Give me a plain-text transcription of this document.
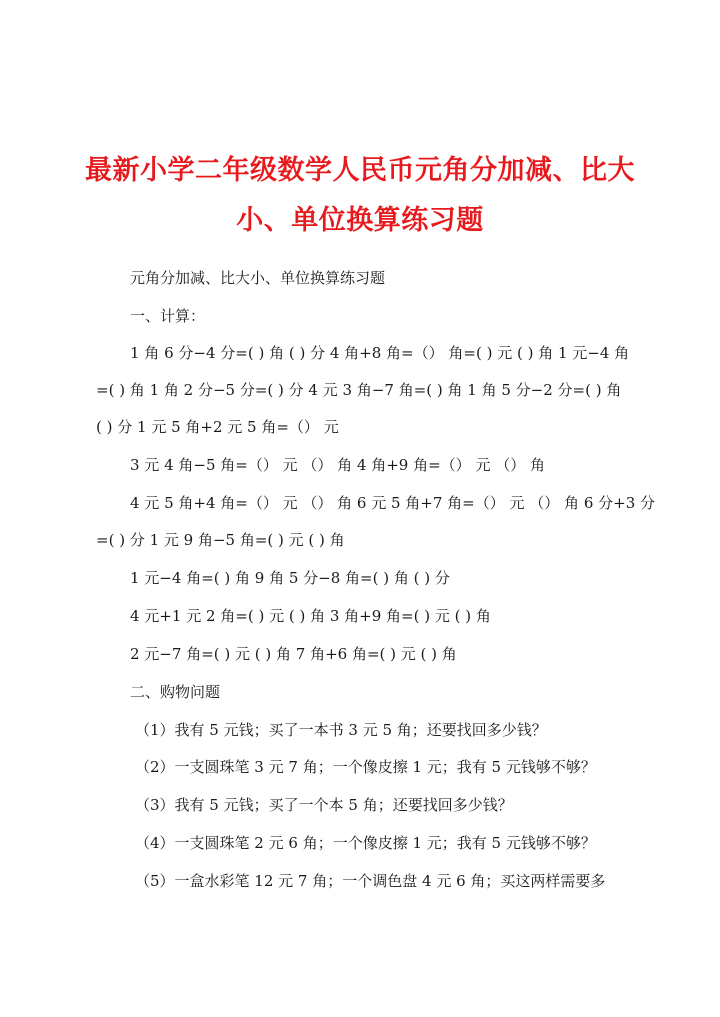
最新小学二年级数学人民币元角分加减、比大
小、单位换算练习题
元角分加减、比大小、单位换算练习题
一、计算：
1 角 6 分−4 分=( ) 角 ( ) 分 4 角+8 角=（） 角=( ) 元 ( ) 角 1 元−4 角
=( ) 角 1 角 2 分−5 分=( ) 分 4 元 3 角−7 角=( ) 角 1 角 5 分−2 分=( ) 角
( ) 分 1 元 5 角+2 元 5 角=（） 元
3 元 4 角−5 角=（） 元 （） 角 4 角+9 角=（） 元 （） 角
4 元 5 角+4 角=（） 元 （） 角 6 元 5 角+7 角=（） 元 （） 角 6 分+3 分
=( ) 分 1 元 9 角−5 角=( ) 元 ( ) 角
1 元−4 角=( ) 角 9 角 5 分−8 角=( ) 角 ( ) 分
4 元+1 元 2 角=( ) 元 ( ) 角 3 角+9 角=( ) 元 ( ) 角
2 元−7 角=( ) 元 ( ) 角 7 角+6 角=( ) 元 ( ) 角
二、购物问题
（1）我有 5 元钱；买了一本书 3 元 5 角；还要找回多少钱？
（2）一支圆珠笔 3 元 7 角；一个像皮擦 1 元；我有 5 元钱够不够？
（3）我有 5 元钱；买了一个本 5 角；还要找回多少钱？
（4）一支圆珠笔 2 元 6 角；一个像皮擦 1 元；我有 5 元钱够不够？
（5）一盒水彩笔 12 元 7 角；一个调色盘 4 元 6 角；买这两样需要多
